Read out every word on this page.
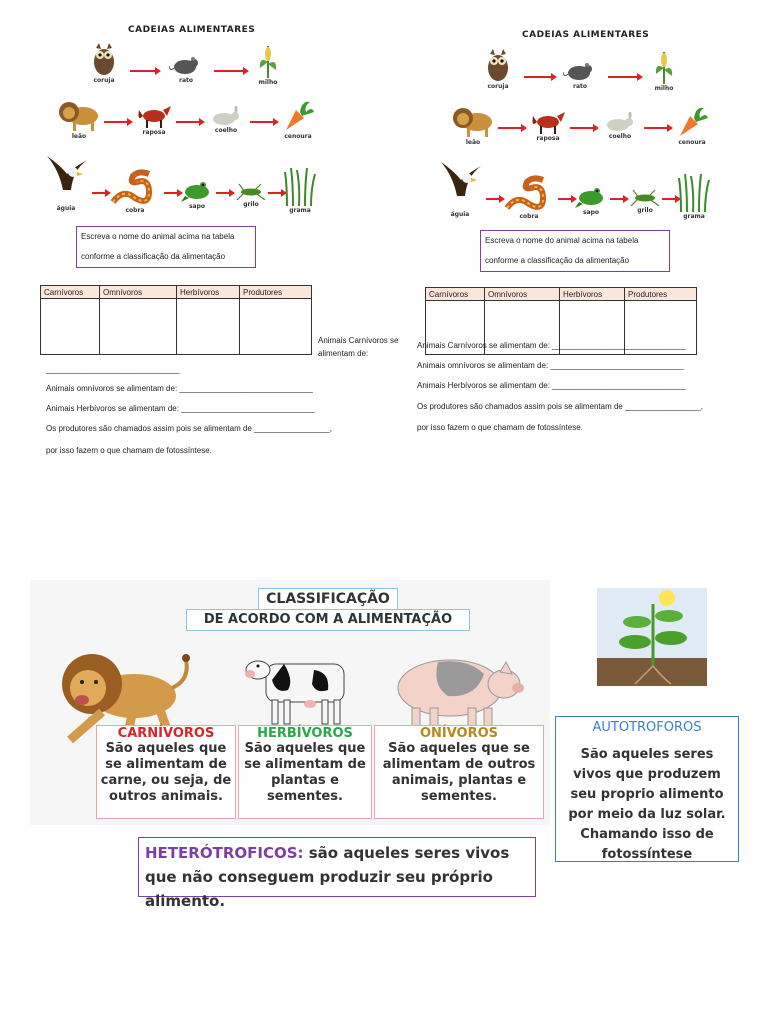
CADEIAS ALIMENTARES
coruja	rato	milho
leão
raposa	coelho
cenoura
águia	cobra
sapo	grilo
grama
Escreva o nome do animal acima na tabela
conforme a classificação da alimentação
Carnívoros	Omnívoros	Herbívoros	Produtores

Animais Carnívoros se
alimentam de:
______________________________
Animais omnívoros se alimentam de: ______________________________
Animais Herbívoros se alimentam de: ______________________________
Os produtores são chamados assim pois se alimentam de _________________,
por isso fazem o que chamam de fotossíntese.
CADEIAS ALIMENTARES
coruja	rato	milho
leão
raposa	coelho
cenoura
águia	cobra
sapo	grilo
grama
Escreva o nome do animal acima na tabela
conforme a classificação da alimentação
Carnívoros	Omnívoros	Herbívoros	Produtores

Animais Carnívoros se alimentam de: ______________________________
Animais omnívoros se alimentam de: ______________________________
Animais Herbívoros se alimentam de: ______________________________
Os produtores são chamados assim pois se alimentam de _________________,
por isso fazem o que chamam de fotossíntese.
CLASSIFICAÇÃO
DE ACORDO COM A ALIMENTAÇÃO
CARNÍVOROS
São aqueles que se alimentam de carne, ou seja, de outros animais.
HERBÍVOROS
São aqueles que se alimentam de plantas e sementes.
ONÍVOROS
São aqueles que se alimentam de outros animais, plantas e sementes.
AUTOTROFOROS
São aqueles seres vivos que produzem seu proprio alimento por meio da luz solar. Chamando isso de fotossíntese
HETERÓTROFICOS: são aqueles seres vivos que não conseguem produzir seu próprio alimento.
